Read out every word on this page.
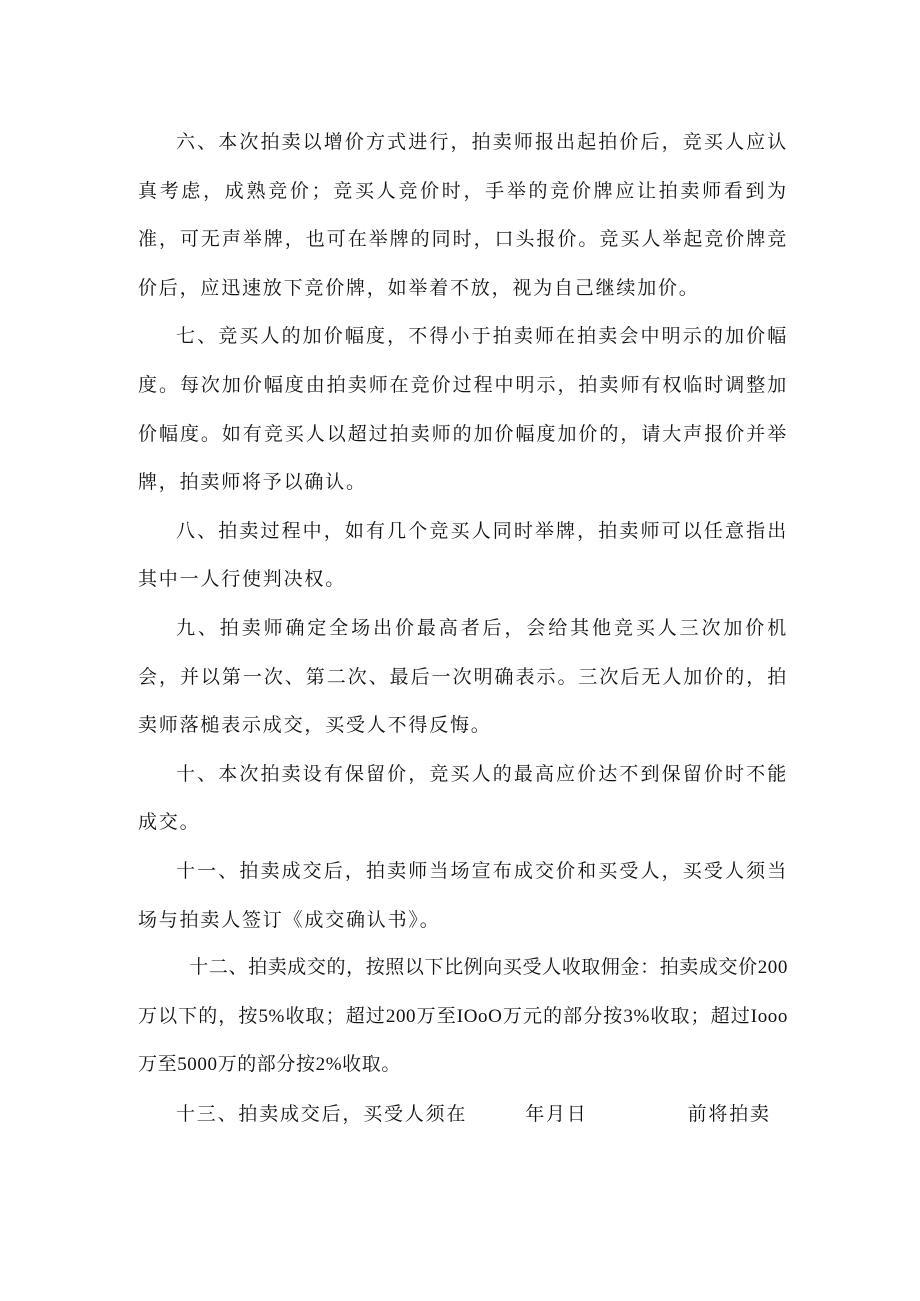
六、本次拍卖以增价方式进行，拍卖师报出起拍价后，竞买人应认真考虑，成熟竞价；竞买人竞价时，手举的竞价牌应让拍卖师看到为准，可无声举牌，也可在举牌的同时，口头报价。竞买人举起竞价牌竞价后，应迅速放下竞价牌，如举着不放，视为自己继续加价。

七、竞买人的加价幅度，不得小于拍卖师在拍卖会中明示的加价幅度。每次加价幅度由拍卖师在竞价过程中明示，拍卖师有权临时调整加价幅度。如有竞买人以超过拍卖师的加价幅度加价的，请大声报价并举牌，拍卖师将予以确认。

八、拍卖过程中，如有几个竞买人同时举牌，拍卖师可以任意指出其中一人行使判决权。

九、拍卖师确定全场出价最高者后，会给其他竞买人三次加价机会，并以第一次、第二次、最后一次明确表示。三次后无人加价的，拍卖师落槌表示成交，买受人不得反悔。

十、本次拍卖设有保留价，竞买人的最高应价达不到保留价时不能成交。

十一、拍卖成交后，拍卖师当场宣布成交价和买受人，买受人须当场与拍卖人签订《成交确认书》。

十二、拍卖成交的，按照以下比例向买受人收取佣金：拍卖成交价200万以下的，按5%收取；超过200万至IOoO万元的部分按3%收取；超过Iooo万至5000万的部分按2%收取。

十三、拍卖成交后，买受人须在	年月日	前将拍卖
